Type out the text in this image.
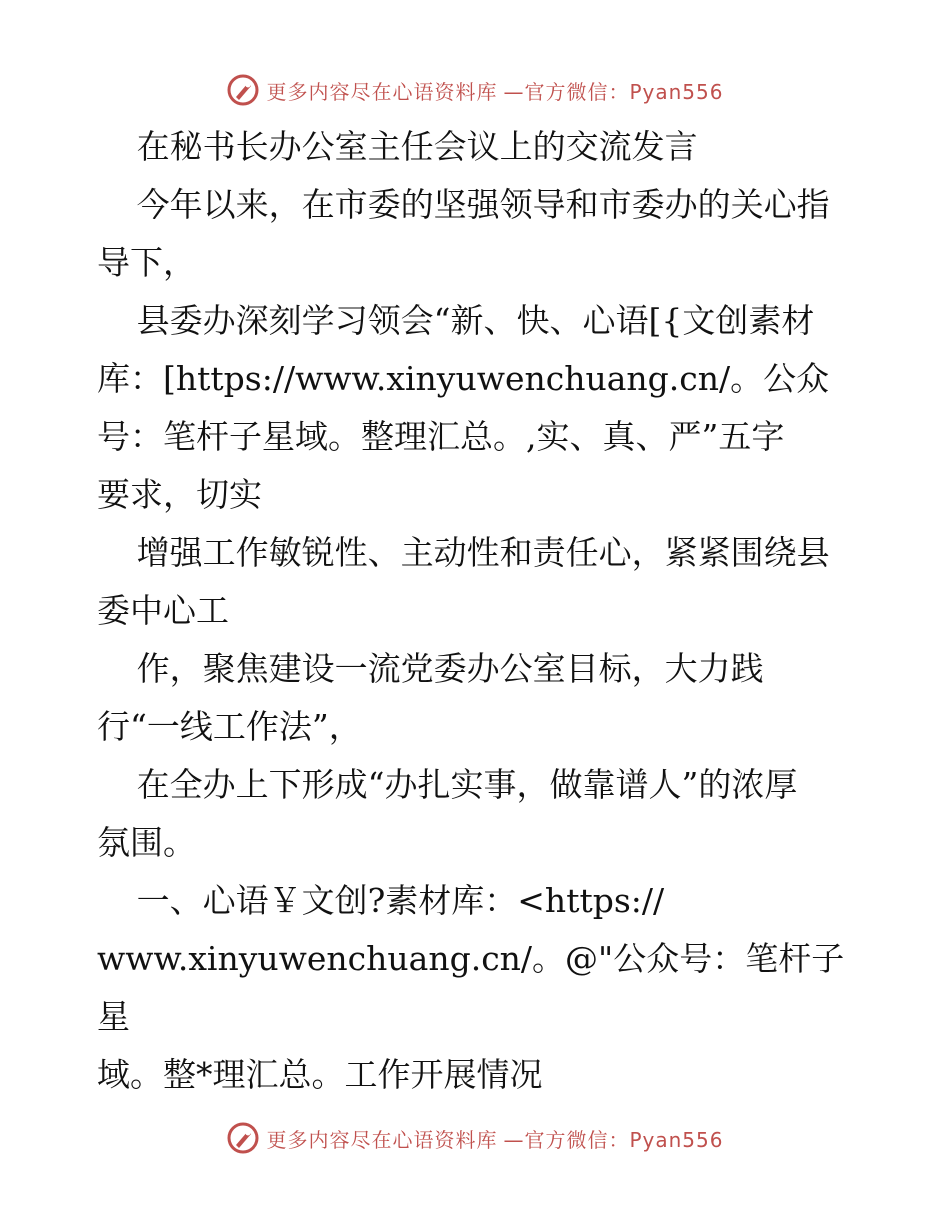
更多内容尽在心语资料库 —官方微信：Pyan556

在秘书长办公室主任会议上的交流发言

今年以来，在市委的坚强领导和市委办的关心指

导下，

县委办深刻学习领会“新、快、心语[{文创素材

库：[https://www.xinyuwenchuang.cn/。公众

号：笔杆子星域。整理汇总。,实、真、严”五字

要求，切实

增强工作敏锐性、主动性和责任心，紧紧围绕县

委中心工

作，聚焦建设一流党委办公室目标，大力践

行“一线工作法”，

在全办上下形成“办扎实事，做靠谱人”的浓厚

氛围。

一、心语￥文创?素材库：<https://

www.xinyuwenchuang.cn/。@"公众号：笔杆子星

域。整*理汇总。工作开展情况

更多内容尽在心语资料库 —官方微信：Pyan556
